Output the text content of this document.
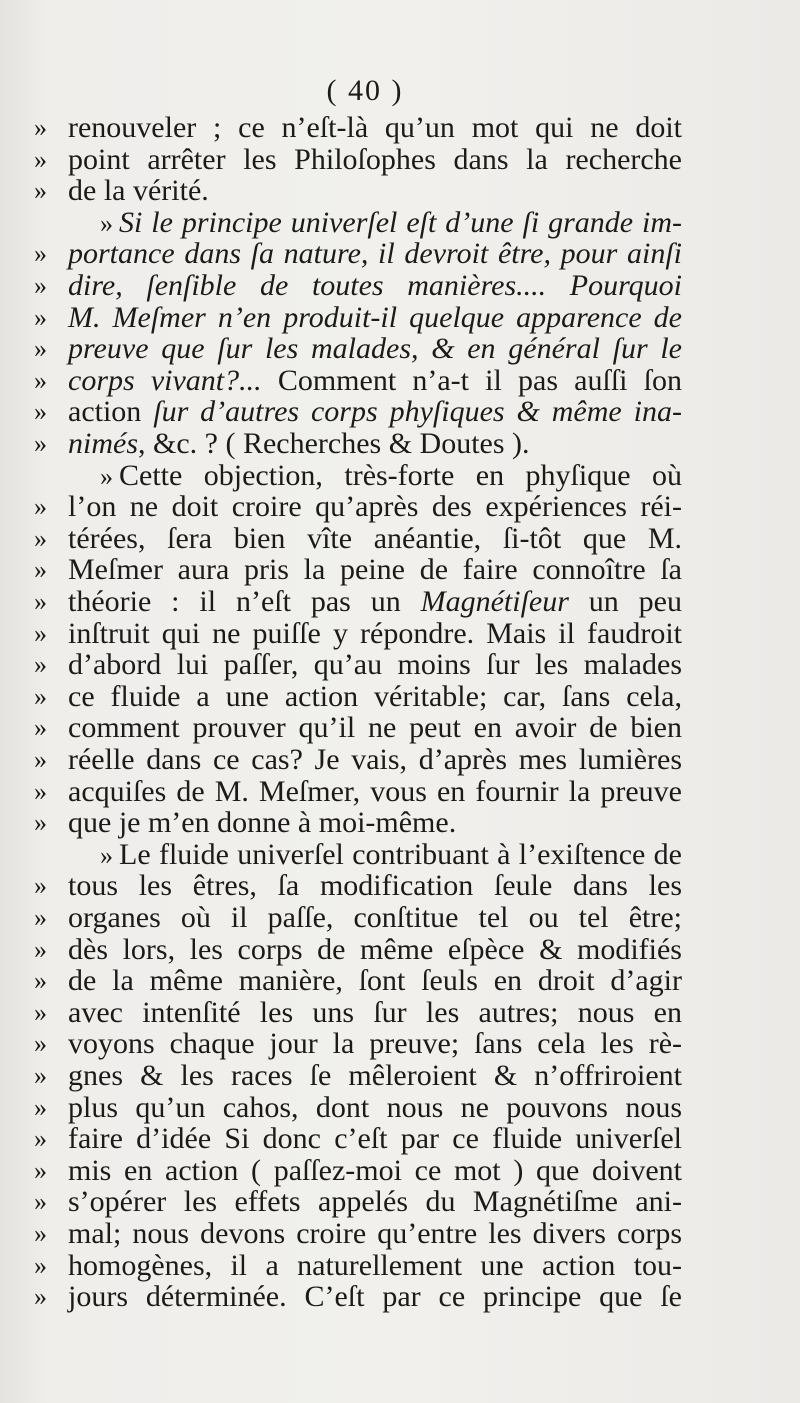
( 40 )
» renouveler ; ce n’eſt-là qu’un mot qui ne doit
» point arrêter les Philoſophes dans la recherche
» de la vérité.
» Si le principe univerſel eſt d’une ſi grande im-
» portance dans ſa nature, il devroit être, pour ainſi
» dire, ſenſible de toutes manières.... Pourquoi
» M. Meſmer n’en produit-il quelque apparence de
» preuve que ſur les malades, & en général ſur le
» corps vivant?... Comment n’a-t il pas auſſi ſon
» action ſur d’autres corps phyſiques & même ina-
» nimés, &c. ? ( Recherches & Doutes ).
» Cette objection, très-forte en phyſique où
» l’on ne doit croire qu’après des expériences réi-
» térées, ſera bien vîte anéantie, ſi-tôt que M.
» Meſmer aura pris la peine de faire connoître ſa
» théorie : il n’eſt pas un Magnétiſeur un peu
» inſtruit qui ne puiſſe y répondre. Mais il faudroit
» d’abord lui paſſer, qu’au moins ſur les malades
» ce fluide a une action véritable; car, ſans cela,
» comment prouver qu’il ne peut en avoir de bien
» réelle dans ce cas? Je vais, d’après mes lumières
» acquiſes de M. Meſmer, vous en fournir la preuve
» que je m’en donne à moi-même.
» Le fluide univerſel contribuant à l’exiſtence de
» tous les êtres, ſa modification ſeule dans les
» organes où il paſſe, conſtitue tel ou tel être;
» dès lors, les corps de même eſpèce & modifiés
» de la même manière, ſont ſeuls en droit d’agir
» avec intenſité les uns ſur les autres; nous en
» voyons chaque jour la preuve; ſans cela les rè-
» gnes & les races ſe mêleroient & n’offriroient
» plus qu’un cahos, dont nous ne pouvons nous
» faire d’idée Si donc c’eſt par ce fluide univerſel
» mis en action ( paſſez-moi ce mot ) que doivent
» s’opérer les effets appelés du Magnétiſme ani-
» mal; nous devons croire qu’entre les divers corps
» homogènes, il a naturellement une action tou-
» jours déterminée. C’eſt par ce principe que ſe
